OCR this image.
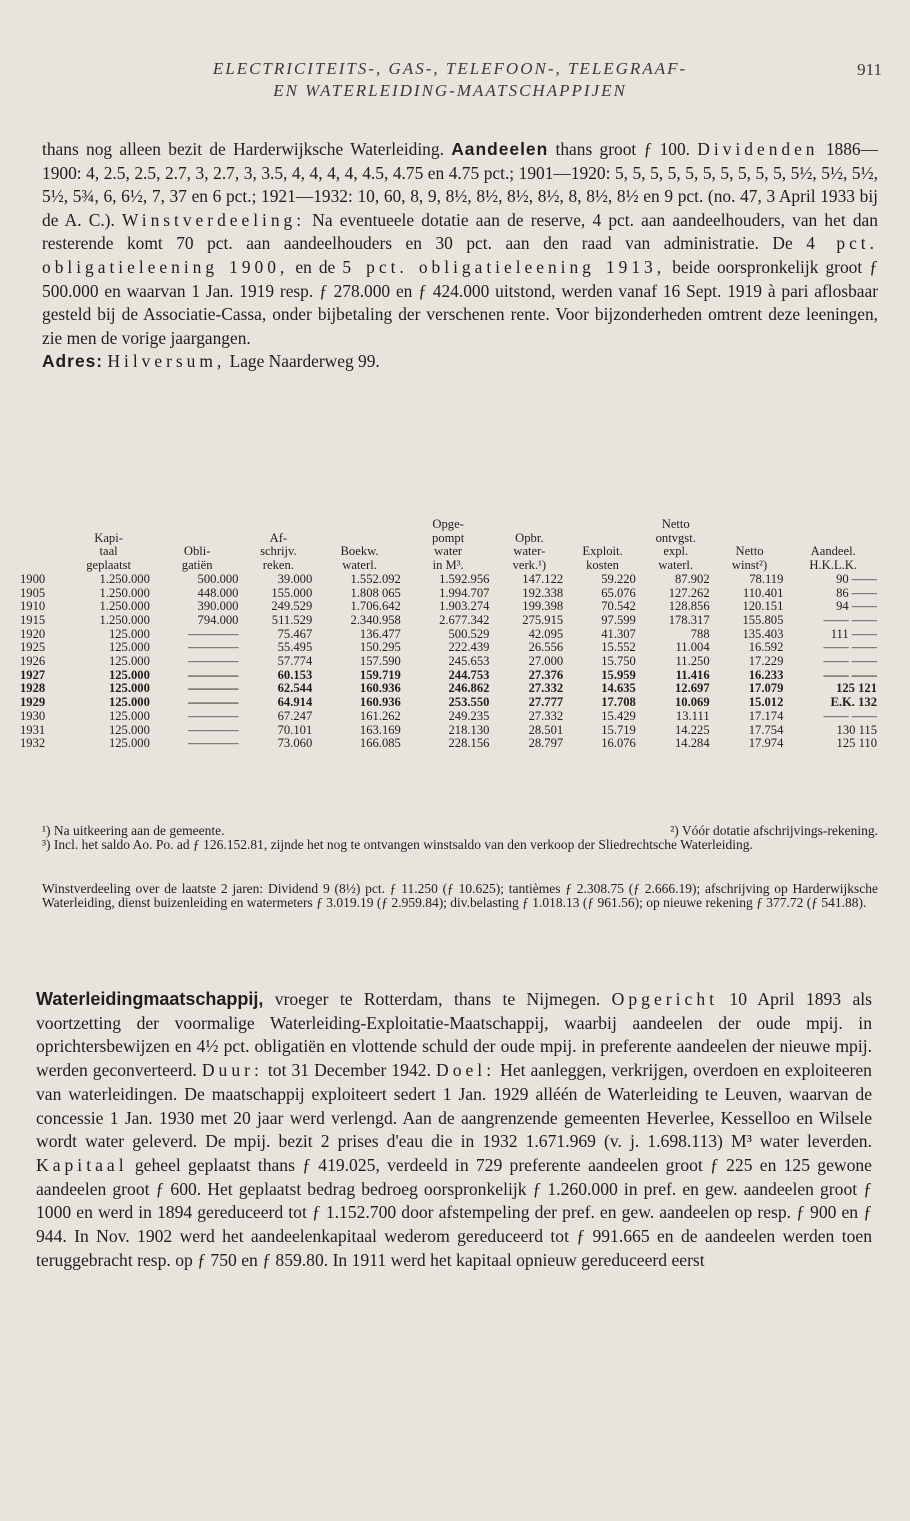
ELECTRICITEITS-, GAS-, TELEFOON-, TELEGRAAF-
EN WATERLEIDING-MAATSCHAPPIJEN
911

thans nog alleen bezit de Harderwijksche Waterleiding. Aandeelen thans groot ƒ 100. Dividenden 1886—1900: 4, 2.5, 2.5, 2.7, 3, 2.7, 3, 3.5, 4, 4, 4, 4, 4.5, 4.75 en 4.75 pct.; 1901—1920: 5, 5, 5, 5, 5, 5, 5, 5, 5, 5, 5½, 5½, 5½, 5½, 5¾, 6, 6½, 7, 37 en 6 pct.; 1921—1932: 10, 60, 8, 9, 8½, 8½, 8½, 8½, 8, 8½, 8½ en 9 pct. (no. 47, 3 April 1933 bij de A. C.). Winstverdeeling: Na eventueele dotatie aan de reserve, 4 pct. aan aandeelhouders, van het dan resterende komt 70 pct. aan aandeelhouders en 30 pct. aan den raad van administratie. De 4 pct. obligatieleening 1900, en de 5 pct. obligatieleening 1913, beide oorspronkelijk groot ƒ 500.000 en waarvan 1 Jan. 1919 resp. ƒ 278.000 en ƒ 424.000 uitstond, werden vanaf 16 Sept. 1919 à pari aflosbaar gesteld bij de Associatie-Cassa, onder bijbetaling der verschenen rente. Voor bijzonderheden omtrent deze leeningen, zie men de vorige jaargangen.

Adres: Hilversum, Lage Naarderweg 99.

					Opge-			Netto		
	Kapi-		Af-		pompt	Opbr.		ontvgst.		
	taal	Obli-	schrijv.	Boekw.	water	water-	Exploit.	expl.	Netto	Aandeel.
	geplaatst	gatiën	reken.	waterl.	in M³.	verk.¹)	kosten	waterl.	winst²)	H.K.L.K.
1900	1.250.000	500.000	39.000	1.552.092	1.592.956	147.122	59.220	87.902	78.119	90 ——
1905	1.250.000	448.000	155.000	1.808 065	1.994.707	192.338	65.076	127.262	110.401	86 ——
1910	1.250.000	390.000	249.529	1.706.642	1.903.274	199.398	70.542	128.856	120.151	94 ——
1915	1.250.000	794.000	511.529	2.340.958	2.677.342	275.915	97.599	178.317	155.805	—— ——
1920	125.000	————	75.467	136.477	500.529	42.095	41.307	788	135.403	111 ——
1925	125.000	————	55.495	150.295	222.439	26.556	15.552	11.004	16.592	—— ——
1926	125.000	————	57.774	157.590	245.653	27.000	15.750	11.250	17.229	—— ——
1927	125.000	————	60.153	159.719	244.753	27.376	15.959	11.416	16.233	—— ——
1928	125.000	————	62.544	160.936	246.862	27.332	14.635	12.697	17.079	125 121
1929	125.000	————	64.914	160.936	253.550	27.777	17.708	10.069	15.012	E.K. 132
1930	125.000	————	67.247	161.262	249.235	27.332	15.429	13.111	17.174	—— ——
1931	125.000	————	70.101	163.169	218.130	28.501	15.719	14.225	17.754	130 115
1932	125.000	————	73.060	166.085	228.156	28.797	16.076	14.284	17.974	125 110

¹) Na uitkeering aan de gemeente.	²) Vóór dotatie afschrijvings-rekening.

³) Incl. het saldo Ao. Po. ad ƒ 126.152.81, zijnde het nog te ontvangen winstsaldo van den verkoop der Sliedrechtsche Waterleiding.

Winstverdeeling over de laatste 2 jaren: Dividend 9 (8½) pct. ƒ 11.250 (ƒ 10.625); tantièmes ƒ 2.308.75 (ƒ 2.666.19); afschrijving op Harderwijksche Waterleiding, dienst buizenleiding en watermeters ƒ 3.019.19 (ƒ 2.959.84); div.belasting ƒ 1.018.13 (ƒ 961.56); op nieuwe rekening ƒ 377.72 (ƒ 541.88).

Waterleidingmaatschappij, vroeger te Rotterdam, thans te Nijmegen. Opgericht 10 April 1893 als voortzetting der voormalige Waterleiding-Exploitatie-Maatschappij, waarbij aandeelen der oude mpij. in oprichtersbewijzen en 4½ pct. obligatiën en vlottende schuld der oude mpij. in preferente aandeelen der nieuwe mpij. werden geconverteerd. Duur: tot 31 December 1942. Doel: Het aanleggen, verkrijgen, overdoen en exploiteeren van waterleidingen. De maatschappij exploiteert sedert 1 Jan. 1929 alléén de Waterleiding te Leuven, waarvan de concessie 1 Jan. 1930 met 20 jaar werd verlengd. Aan de aangrenzende gemeenten Heverlee, Kesselloo en Wilsele wordt water geleverd. De mpij. bezit 2 prises d'eau die in 1932 1.671.969 (v. j. 1.698.113) M³ water leverden. Kapitaal geheel geplaatst thans ƒ 419.025, verdeeld in 729 preferente aandeelen groot ƒ 225 en 125 gewone aandeelen groot ƒ 600. Het geplaatst bedrag bedroeg oorspronkelijk ƒ 1.260.000 in pref. en gew. aandeelen groot ƒ 1000 en werd in 1894 gereduceerd tot ƒ 1.152.700 door afstempeling der pref. en gew. aandeelen op resp. ƒ 900 en ƒ 944. In Nov. 1902 werd het aandeelenkapitaal wederom gereduceerd tot ƒ 991.665 en de aandeelen werden toen teruggebracht resp. op ƒ 750 en ƒ 859.80. In 1911 werd het kapitaal opnieuw gereduceerd eerst
